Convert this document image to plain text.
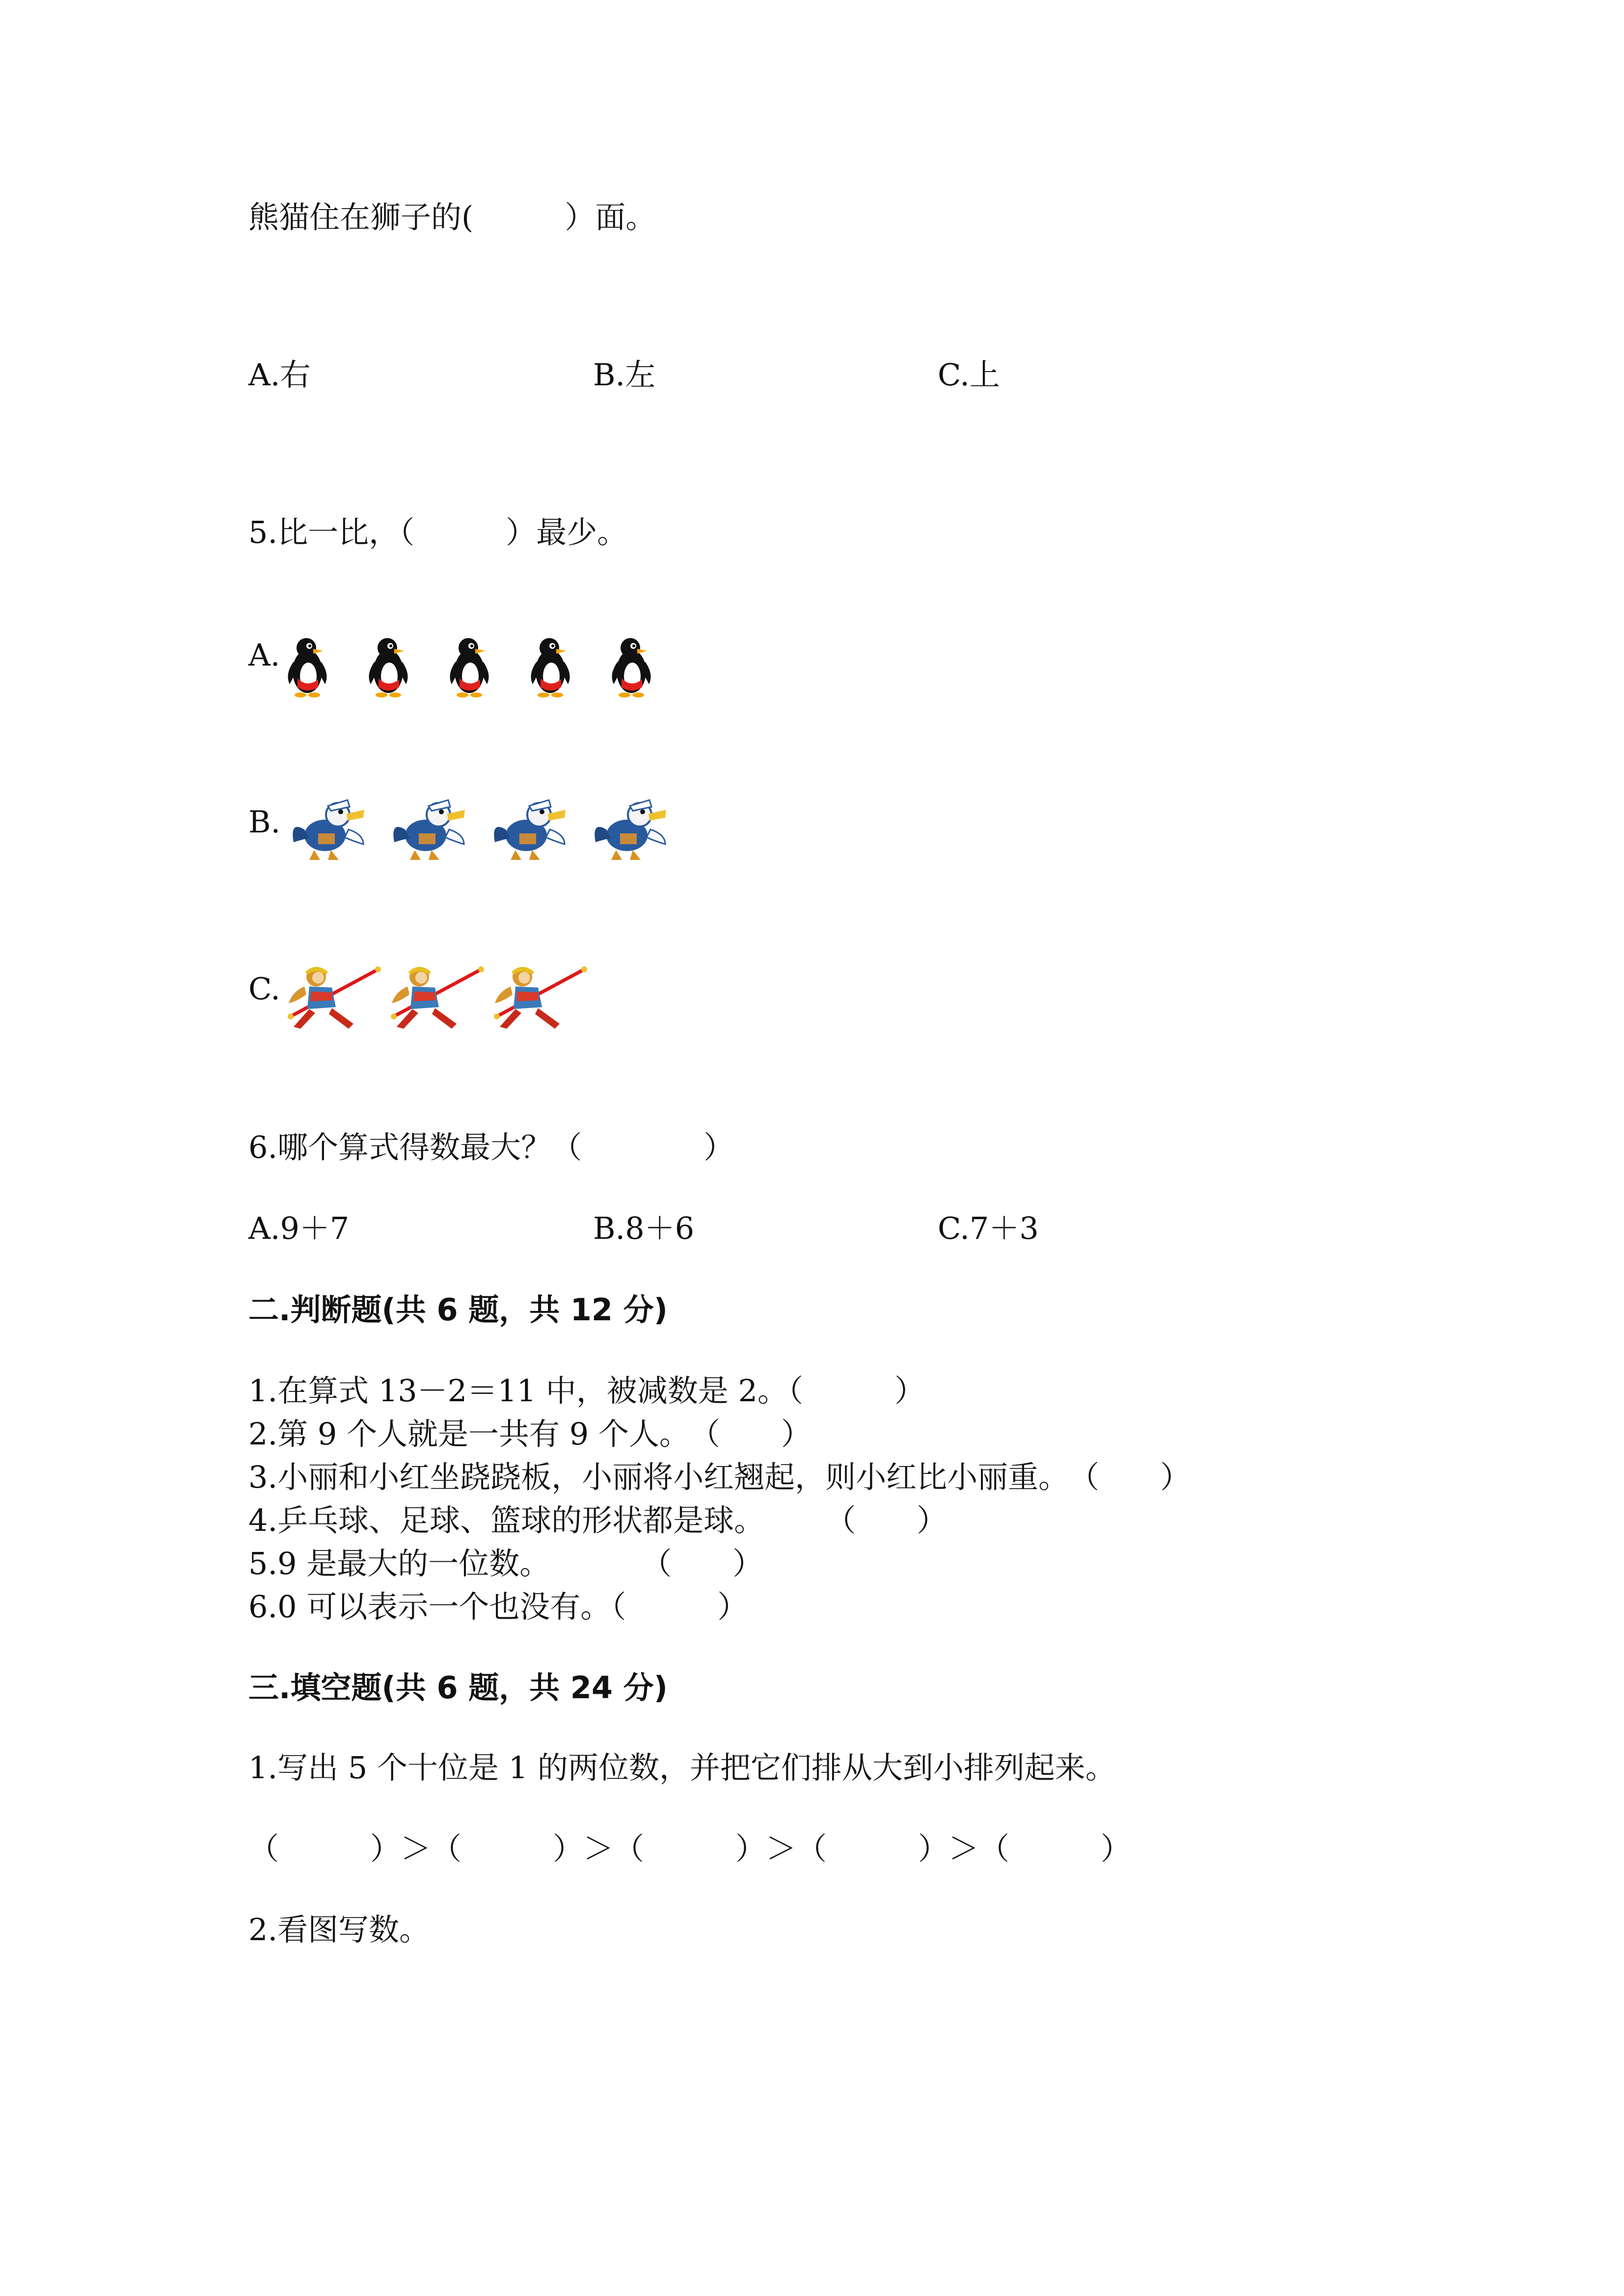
熊猫住在狮子的(　　　）面。
A.右	B.左	C.上
5.比一比，（　　　）最少。
A.
B.
C.
6.哪个算式得数最大？（　　　　）
A.9＋7	B.8＋6	C.7＋3
二.判断题(共 6 题，共 12 分)
1.在算式 13－2＝11 中，被减数是 2。（　　　）
2.第 9 个人就是一共有 9 个人。　（　　）
3.小丽和小红坐跷跷板，小丽将小红翘起，则小红比小丽重。　（　　）
4.乒乓球、足球、篮球的形状都是球。　　　（　　）
5.9 是最大的一位数。　　　　（　　）
6.0 可以表示一个也没有。（　　　）
三.填空题(共 6 题，共 24 分)
1.写出 5 个十位是 1 的两位数，并把它们排从大到小排列起来。
（　　　）＞（　　　）＞（　　　）＞（　　　）＞（　　　）
2.看图写数。
